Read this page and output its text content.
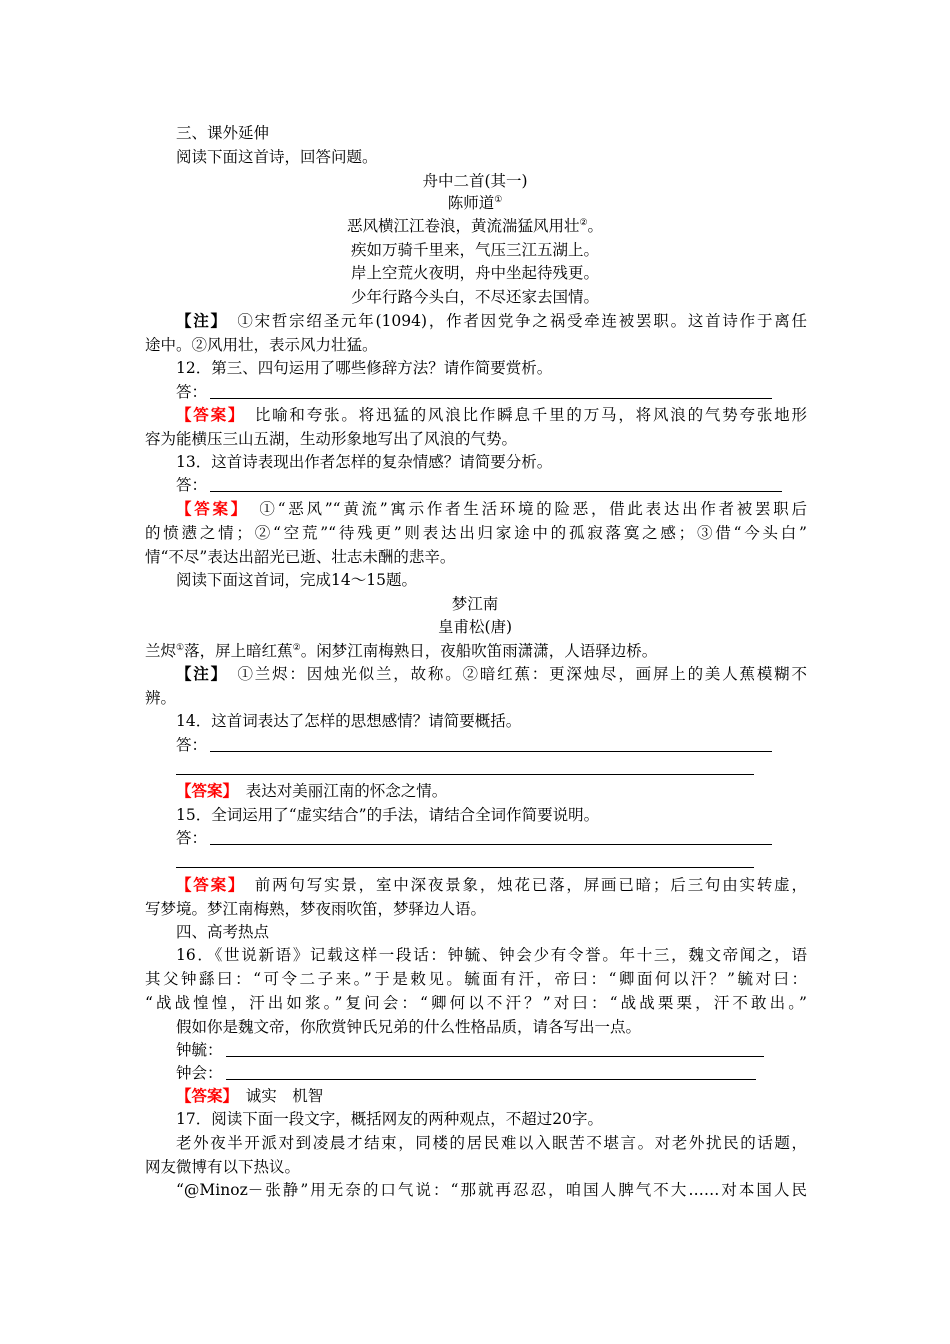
三、课外延伸
阅读下面这首诗，回答问题。
舟中二首(其一)
陈师道①
恶风横江江卷浪，黄流湍猛风用壮②。
疾如万骑千里来，气压三江五湖上。
岸上空荒火夜明，舟中坐起待残更。
少年行路今头白，不尽还家去国情。
【注】　 ①宋哲宗绍圣元年(1094)，作者因党争之祸受牵连被罢职。这首诗作于离任
途中。②风用壮，表示风力壮猛。
12．第三、四句运用了哪些修辞方法？请作简要赏析。
答：
【答案】　 比喻和夸张。将迅猛的风浪比作瞬息千里的万马，将风浪的气势夸张地形
容为能横压三山五湖，生动形象地写出了风浪的气势。
13．这首诗表现出作者怎样的复杂情感？请简要分析。
答：
【答案】　 ①“恶风”“黄流”寓示作者生活环境的险恶，借此表达出作者被罢职后
的愤懑之情；②“空荒”“待残更”则表达出归家途中的孤寂落寞之感；③借“今头白”
情“不尽”表达出韶光已逝、壮志未酬的悲辛。
阅读下面这首词，完成14～15题。
梦江南
皇甫松(唐)
兰烬①落，屏上暗红蕉②。闲梦江南梅熟日，夜船吹笛雨潇潇，人语驿边桥。
【注】　 ①兰烬：因烛光似兰，故称。②暗红蕉：更深烛尽，画屏上的美人蕉模糊不
辨。
14．这首词表达了怎样的思想感情？请简要概括。
答：
【答案】　 表达对美丽江南的怀念之情。
15．全词运用了“虚实结合”的手法，请结合全词作简要说明。
答：
【答案】　 前两句写实景，室中深夜景象，烛花已落，屏画已暗；后三句由实转虚，
写梦境。梦江南梅熟，梦夜雨吹笛，梦驿边人语。
四、高考热点
16．《世说新语》记载这样一段话：钟毓、钟会少有令誉。年十三，魏文帝闻之，语
其父钟繇曰：“可令二子来。”于是敕见。毓面有汗，帝曰：“卿面何以汗？”毓对曰：
“战战惶惶，汗出如浆。”复问会：“卿何以不汗？”对曰：“战战栗栗，汗不敢出。”
假如你是魏文帝，你欣赏钟氏兄弟的什么性格品质，请各写出一点。
钟毓：
钟会：
【答案】　 诚实　机智
17．阅读下面一段文字，概括网友的两种观点，不超过20字。
老外夜半开派对到凌晨才结束，同楼的居民难以入眠苦不堪言。对老外扰民的话题，
网友微博有以下热议。
“@Minoz－张静”用无奈的口气说：“那就再忍忍，咱国人脾气不大……对本国人民
